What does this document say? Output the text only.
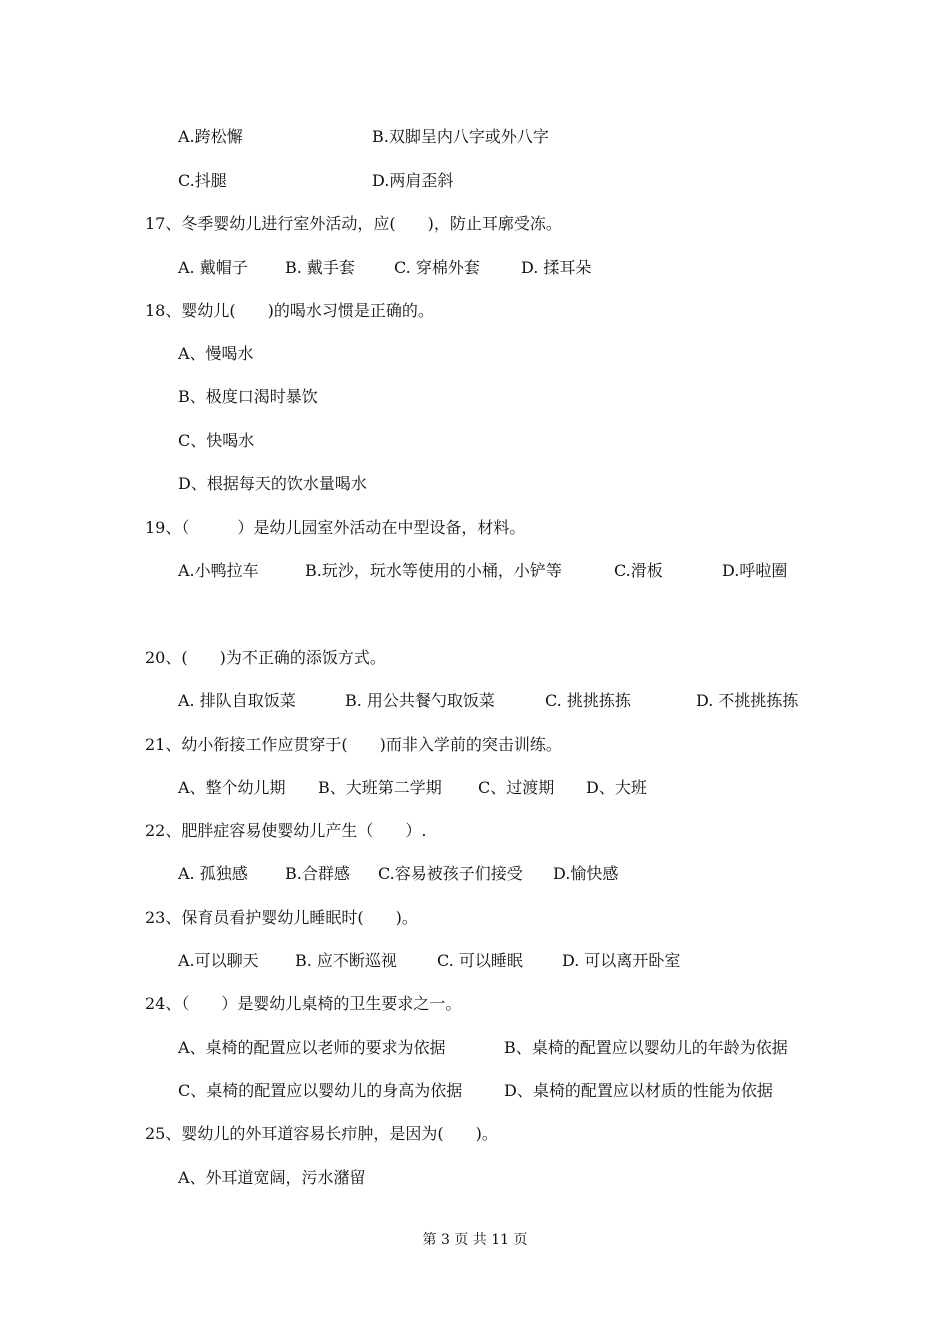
A.跨松懈	B.双脚呈内八字或外八字
C.抖腿	D.两肩歪斜
17、冬季婴幼儿进行室外活动，应(　　)，防止耳廓受冻。
A. 戴帽子 B. 戴手套 C. 穿棉外套	D. 揉耳朵
18、婴幼儿(　　)的喝水习惯是正确的。
A、慢喝水
B、极度口渴时暴饮
C、快喝水
D、根据每天的饮水量喝水
19、（　　　）是幼儿园室外活动在中型设备，材料。
A.小鸭拉车	B.玩沙，玩水等使用的小桶，小铲等	C.滑板	D.呼啦圈
20、(　　)为不正确的添饭方式。
A. 排队自取饭菜	B. 用公共餐勺取饭菜	C. 挑挑拣拣	D. 不挑挑拣拣
21、幼小衔接工作应贯穿于(　　)而非入学前的突击训练。
A、整个幼儿期 B、大班第二学期 C、过渡期 D、大班
22、肥胖症容易使婴幼儿产生（　　）.
A. 孤独感 B.合群感 C.容易被孩子们接受 D.愉快感
23、保育员看护婴幼儿睡眠时(　　)。
A.可以聊天 B. 应不断巡视	C. 可以睡眠 D. 可以离开卧室
24、（　　）是婴幼儿桌椅的卫生要求之一。
A、桌椅的配置应以老师的要求为依据	B、桌椅的配置应以婴幼儿的年龄为依据
C、桌椅的配置应以婴幼儿的身高为依据	D、桌椅的配置应以材质的性能为依据
25、婴幼儿的外耳道容易长疖肿，是因为(　　)。
A、外耳道宽阔，污水潴留
第 3 页 共 11 页
